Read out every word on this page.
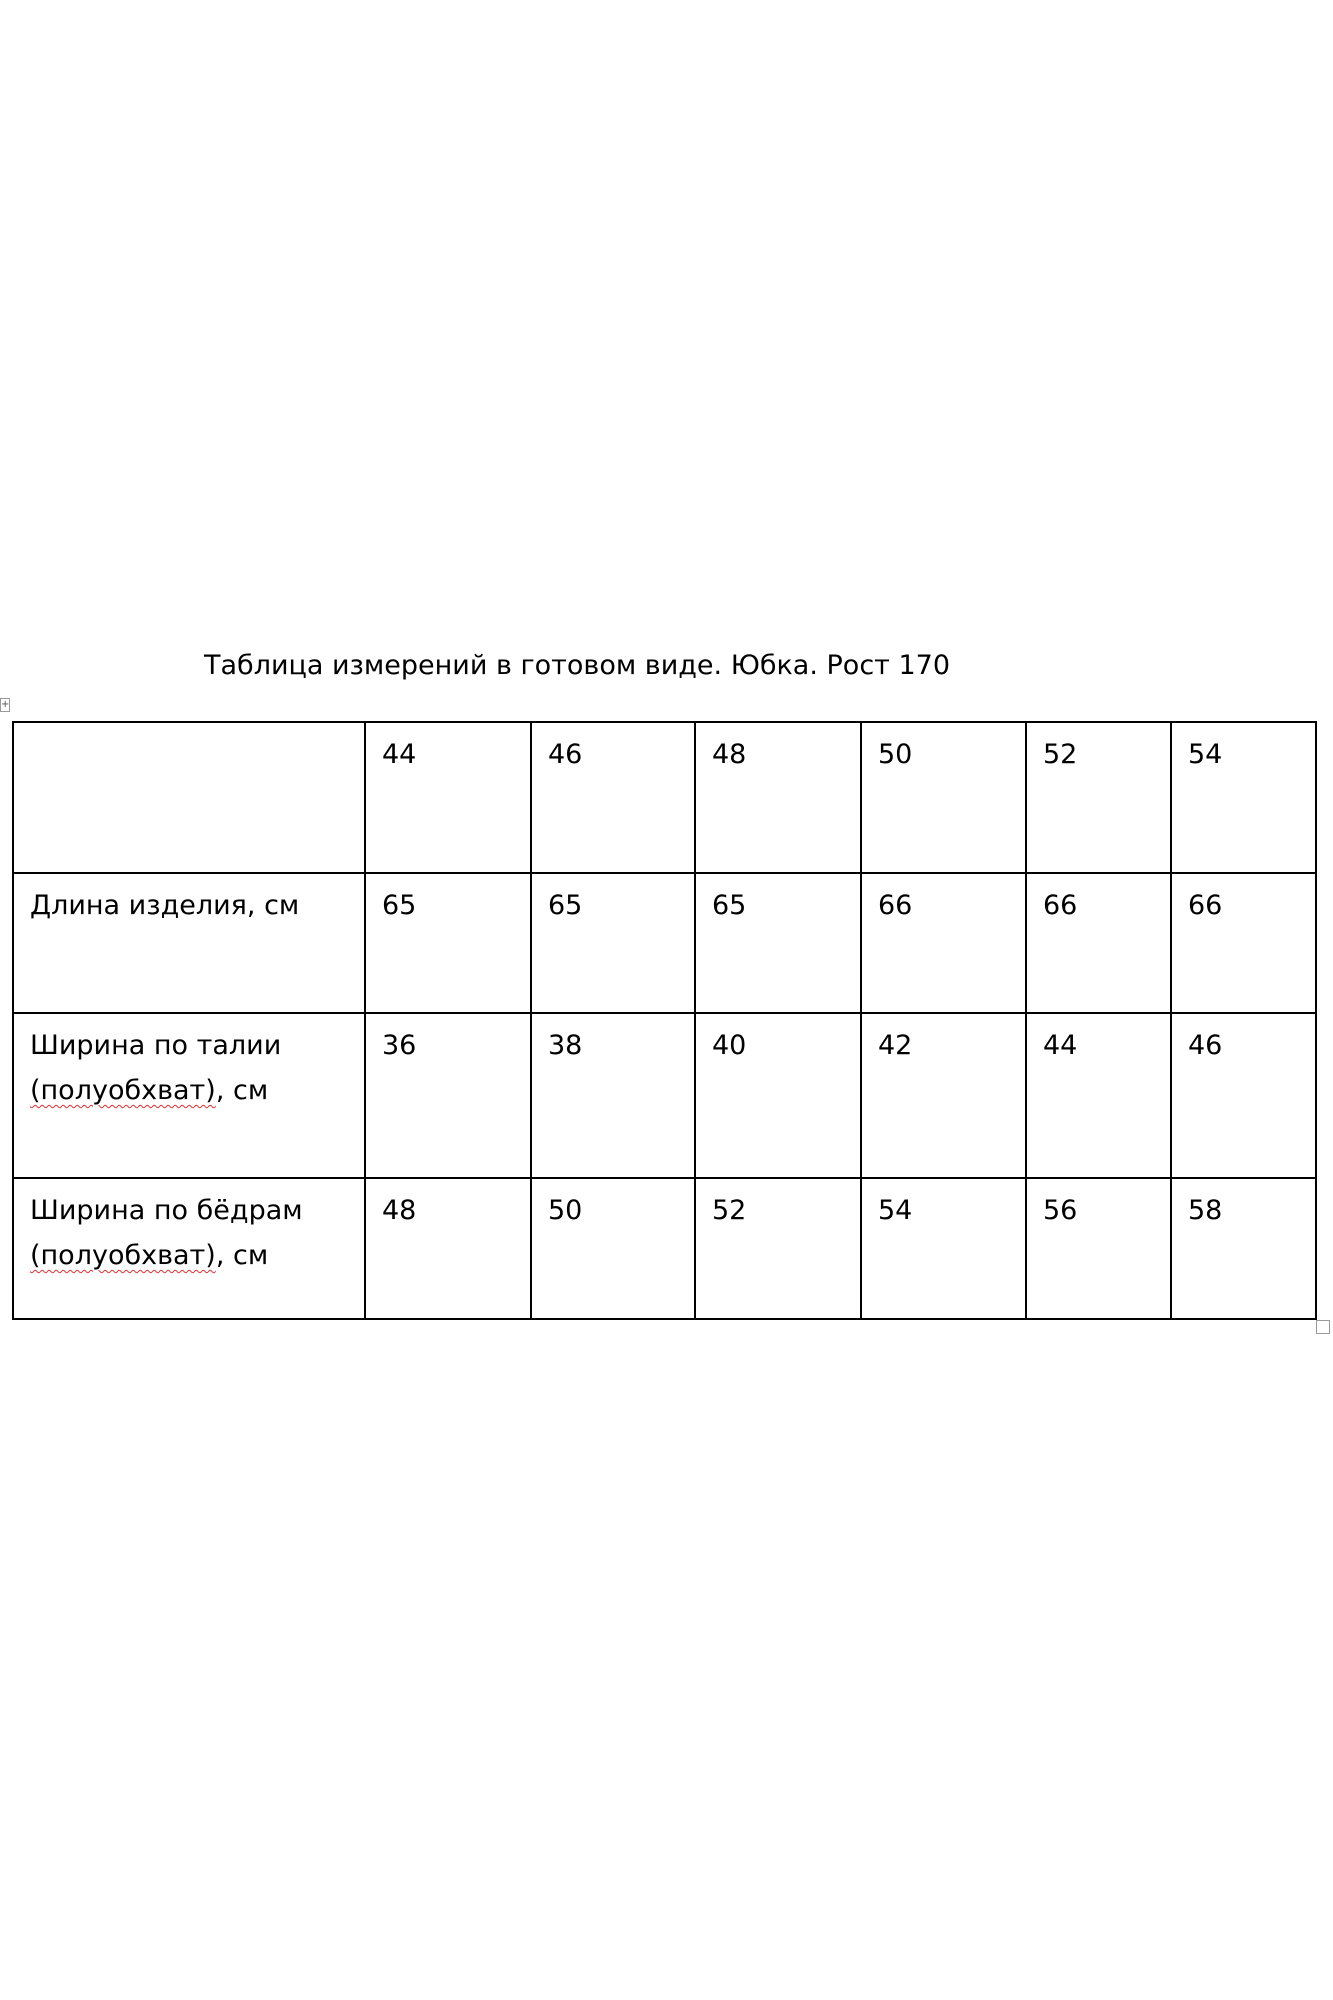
Таблица измерений в готовом виде. Юбка. Рост 170
+
	44	46	48	50	52	54
Длина изделия, см	65	65	65	66	66	66
Ширина по талии
(полуобхват), см	36	38	40	42	44	46
Ширина по бёдрам
(полуобхват), см	48	50	52	54	56	58
